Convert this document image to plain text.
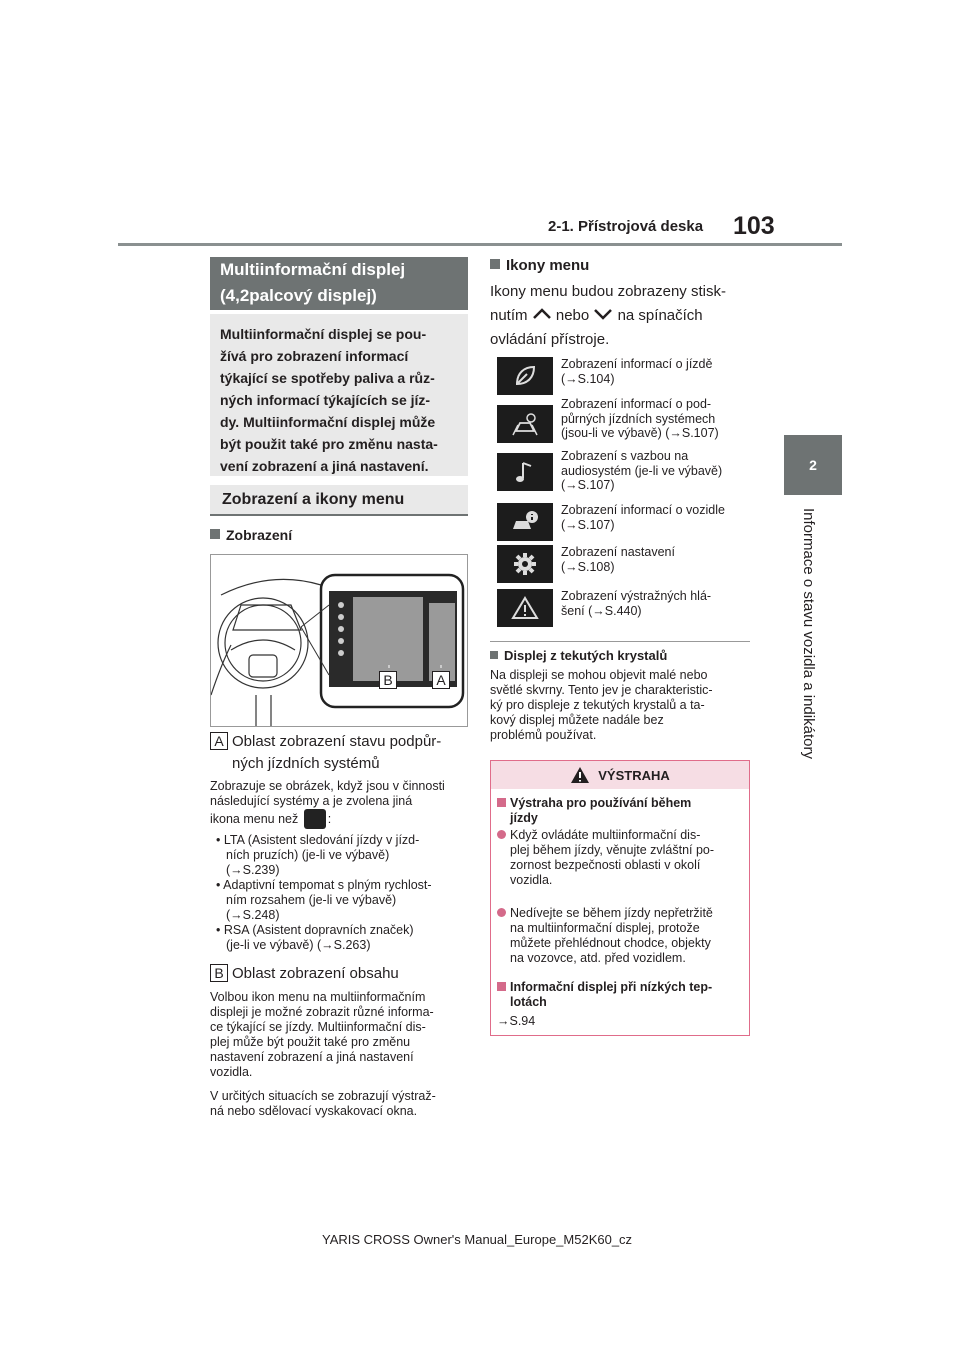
2-1. Přístrojová deska 103
2
Informace o stavu vozidla a indikátory
Multiinformační displej
(4,2palcový displej)
Multiinformační displej se pou-
žívá pro zobrazení informací
týkající se spotřeby paliva a růz-
ných informací týkajících se jíz-
dy. Multiinformační displej může
být použit také pro změnu nasta-
vení zobrazení a jiná nastavení.
Zobrazení a ikony menu
Zobrazení
B	A
A Oblast zobrazení stavu podpůr-
ných jízdních systémů
Zobrazuje se obrázek, když jsou v činnosti
následující systémy a je zvolena jiná
ikona menu než :
• LTA (Asistent sledování jízdy v jízd-
ních pruzích) (je-li ve výbavě)
(→S.239)
• Adaptivní tempomat s plným rychlost-
ním rozsahem (je-li ve výbavě)
(→S.248)
• RSA (Asistent dopravních značek)
(je-li ve výbavě) (→S.263)
B Oblast zobrazení obsahu
Volbou ikon menu na multiinformačním
displeji je možné zobrazit různé informa-
ce týkající se jízdy. Multiinformační dis-
plej může být použit také pro změnu
nastavení zobrazení a jiná nastavení
vozidla.
V určitých situacích se zobrazují výstraž-
ná nebo sdělovací vyskakovací okna.
Ikony menu
Ikony menu budou zobrazeny stisk-
nutím nebo na spínačích
ovládání přístroje.
Zobrazení informací o jízdě
(→S.104)
Zobrazení informací o pod-
půrných jízdních systémech
(jsou-li ve výbavě) (→S.107)
Zobrazení s vazbou na
audiosystém (je-li ve výbavě)
(→S.107)
Zobrazení informací o vozidle
(→S.107)
Zobrazení nastavení
(→S.108)
Zobrazení výstražných hlá-
šení (→S.440)
Displej z tekutých krystalů
Na displeji se mohou objevit malé nebo
světlé skvrny. Tento jev je charakteristic-
ký pro displeje z tekutých krystalů a ta-
kový displej můžete nadále bez
problémů používat.
VÝSTRAHA
Výstraha pro používání během
jízdy
Když ovládáte multiinformační dis-
plej během jízdy, věnujte zvláštní po-
zornost bezpečnosti oblasti v okolí
vozidla.
Nedívejte se během jízdy nepřetržitě
na multiinformační displej, protože
můžete přehlédnout chodce, objekty
na vozovce, atd. před vozidlem.
Informační displej při nízkých tep-
lotách
→S.94
YARIS CROSS Owner's Manual_Europe_M52K60_cz
